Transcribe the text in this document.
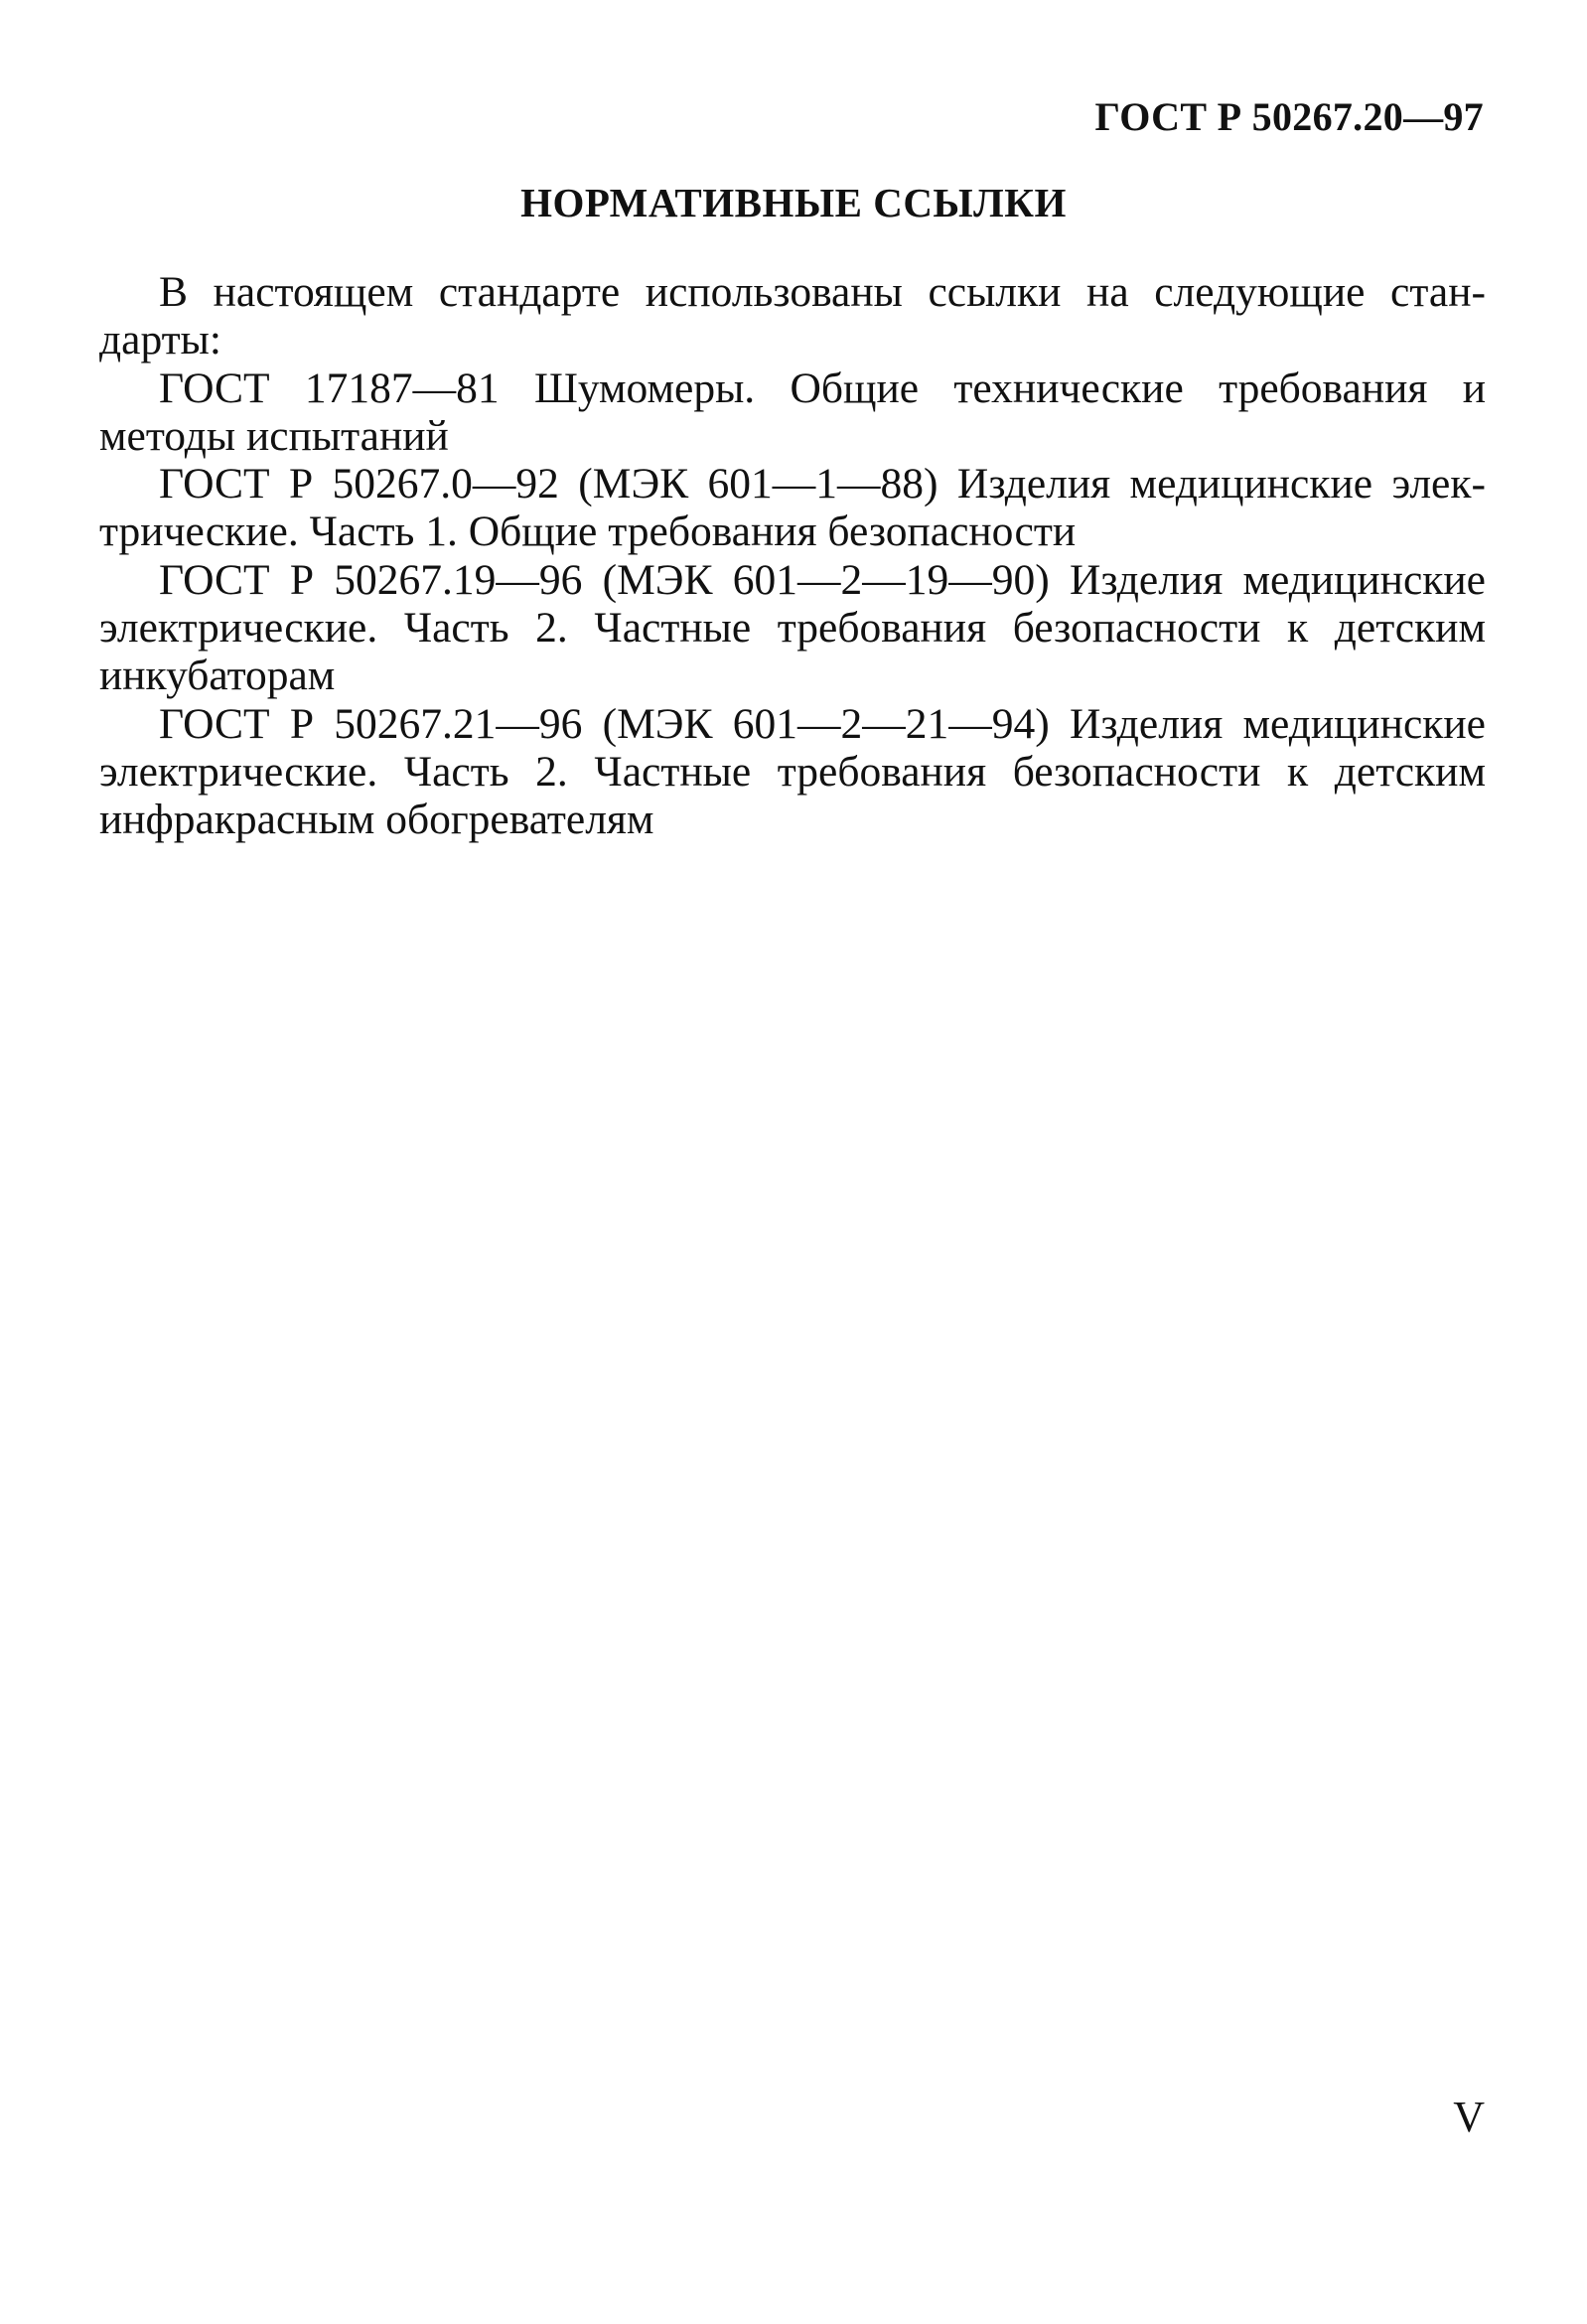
ГОСТ Р 50267.20—97
НОРМАТИВНЫЕ ССЫЛКИ

В настоящем стандарте использованы ссылки на следующие стандарты:

ГОСТ 17187—81 Шумомеры. Общие технические требования и методы испытаний

ГОСТ Р 50267.0—92 (МЭК 601—1—88) Изделия медицинские электрические. Часть 1. Общие требования безопасности

ГОСТ Р 50267.19—96 (МЭК 601—2—19—90) Изделия медицинские электрические. Часть 2. Частные требования безопасности к детским инкубаторам

ГОСТ Р 50267.21—96 (МЭК 601—2—21—94) Изделия медицинские электрические. Часть 2. Частные требования безопасности к детским инфракрасным обогревателям

V
